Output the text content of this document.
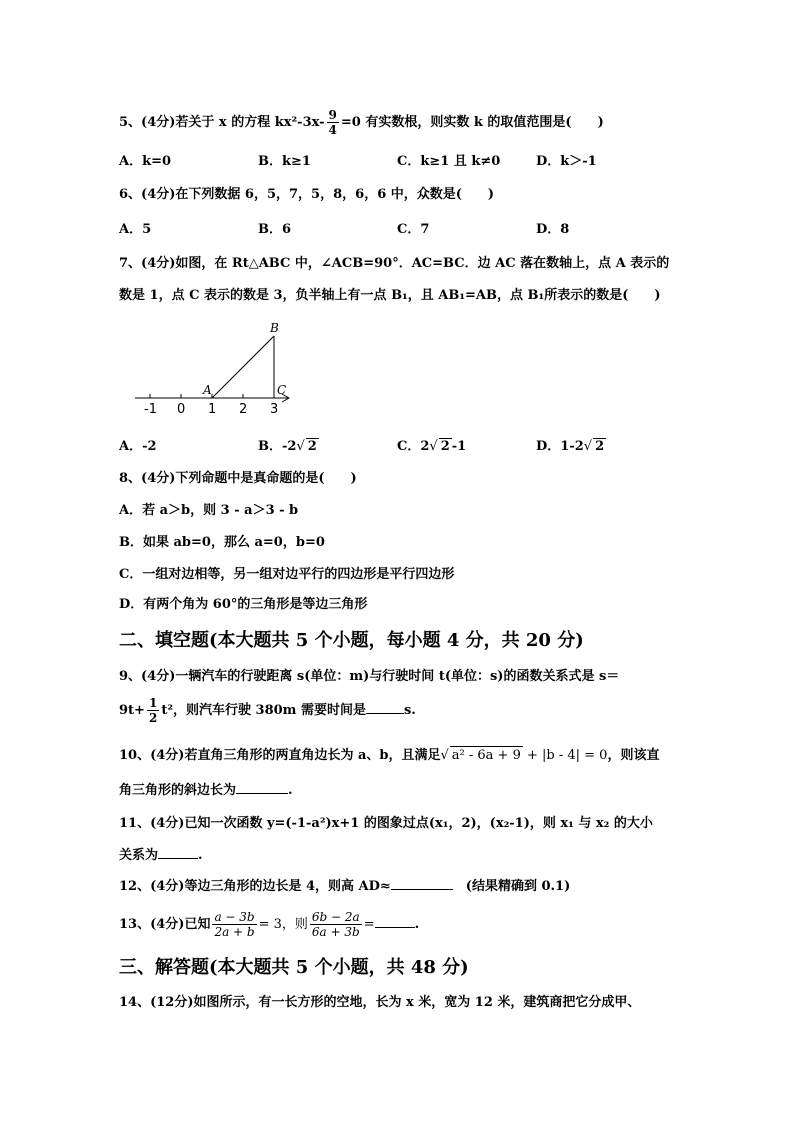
5、(4分)若关于 x 的方程 $kx^2-3x- \frac{9}{4} =0$ 有实数根，则实数 k 的取值范围是(　　)
A．k=0	B．k≥1	C．k≥1 且 k≠0	D．k＞-1
6、(4分)在下列数据 6，5，7，5，8，6，6 中，众数是(　　)
A．5	B．6	C．7	D．8
7、(4分)如图，在 Rt△ABC 中，∠ACB=90°．AC=BC．边 AC 落在数轴上，点 A 表示的
数是 1，点 C 表示的数是 3，负半轴上有一点 B₁，且 AB₁=AB，点 B₁所表示的数是(　　)
B
A	C
-1 0 1 2 3
A．-2	B．-2√ 2	C．2√ 2 -1	D．1-2√ 2
8、(4分)下列命题中是真命题的是(　　)
A．若 a＞b，则 3 - a＞3 - b
B．如果 ab=0，那么 a=0，b=0
C．一组对边相等，另一组对边平行的四边形是平行四边形
D．有两个角为 60°的三角形是等边三角形
二、填空题(本大题共 5 个小题，每小题 4 分，共 20 分)
9、(4分)一辆汽车的行驶距离 s(单位：m)与行驶时间 t(单位：s)的函数关系式是 s＝
$9t+ \frac{1}{2} t^2$，则汽车行驶 380m 需要时间是	s.
10、(4分)若直角三角形的两直角边长为 a、b，且满足√ a² - 6a + 9 + |b - 4| = 0，则该直
角三角形的斜边长为	.
11、(4分)已知一次函数 y=(-1-a²)x+1 的图象过点(x₁，2)，(x₂-1)，则 x₁ 与 x₂ 的大小
关系为	.
12、(4分)等边三角形的边长是 4，则高 AD≈	　(结果精确到 0.1)
13、(4分)已知 $\frac{a - 3b}{2a + b} = 3$，则 $\frac{6b - 2a}{6a + 3b}$ =	.
三、解答题(本大题共 5 个小题，共 48 分)
14、(12分)如图所示，有一长方形的空地，长为 x 米，宽为 12 米，建筑商把它分成甲、
